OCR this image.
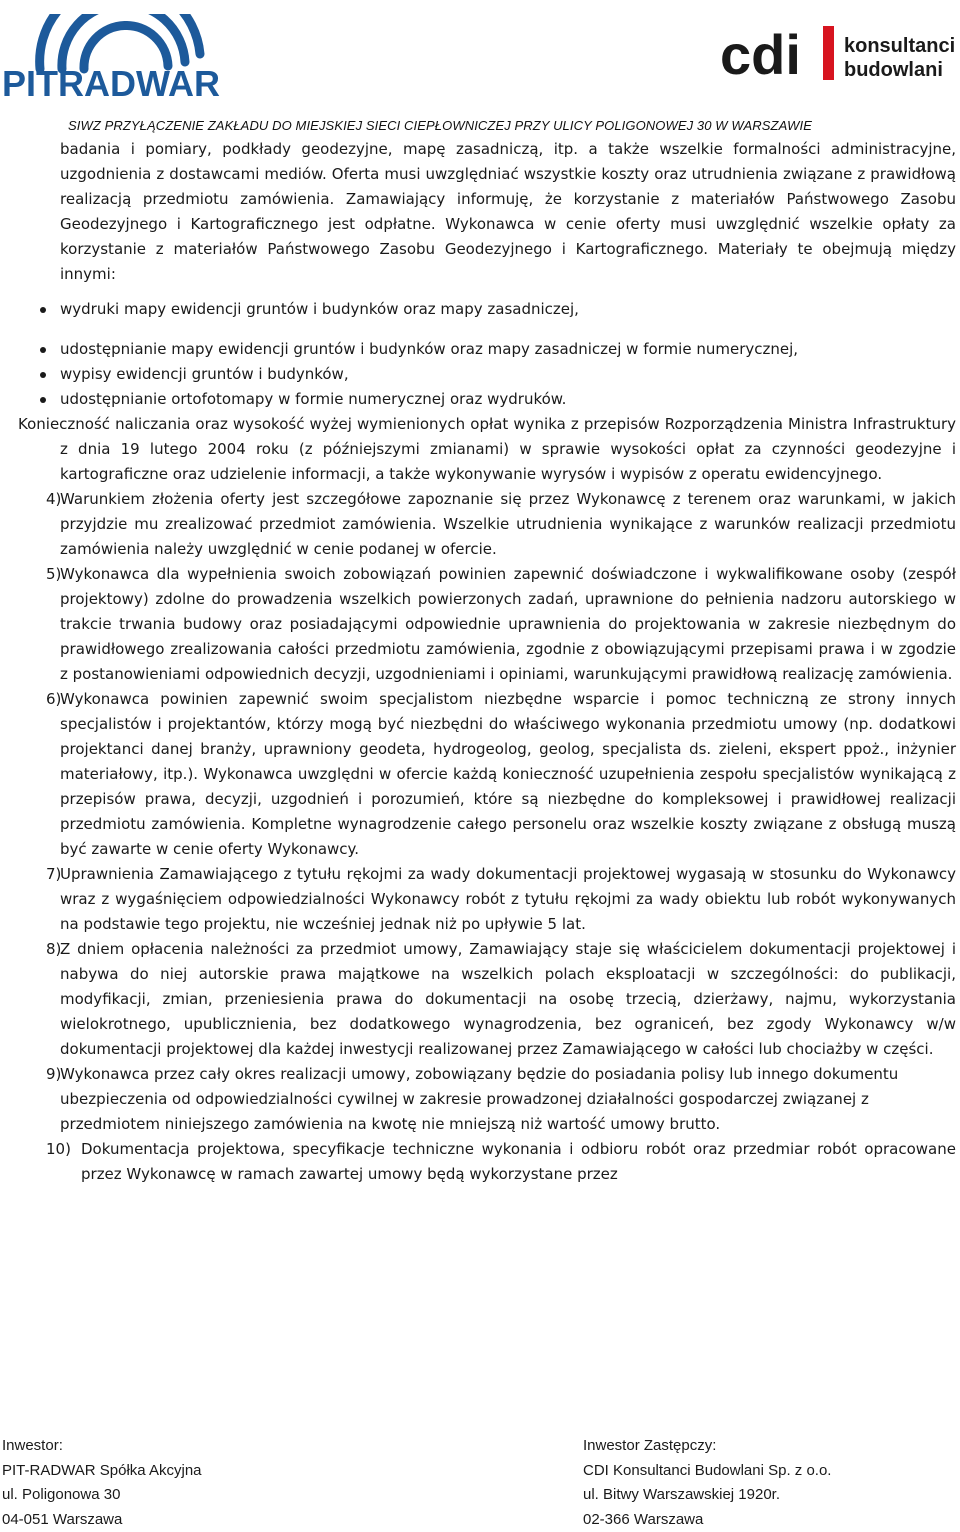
PITRADWAR	cdi konsultanci
budowlani
SIWZ PRZYŁĄCZENIE ZAKŁADU DO MIEJSKIEJ SIECI CIEPŁOWNICZEJ PRZY ULICY POLIGONOWEJ 30 W WARSZAWIE
badania i pomiary, podkłady geodezyjne, mapę zasadniczą, itp. a także wszelkie formalności administracyjne, uzgodnienia z dostawcami mediów. Oferta musi uwzględniać wszystkie koszty oraz utrudnienia związane z prawidłową realizacją przedmiotu zamówienia. Zamawiający informuję, że korzystanie z materiałów Państwowego Zasobu Geodezyjnego i Kartograficznego jest odpłatne. Wykonawca w cenie oferty musi uwzględnić wszelkie opłaty za korzystanie z materiałów Państwowego Zasobu Geodezyjnego i Kartograficznego. Materiały te obejmują między innymi:
wydruki mapy ewidencji gruntów i budynków oraz mapy zasadniczej,
udostępnianie mapy ewidencji gruntów i budynków oraz mapy zasadniczej w formie numerycznej,
wypisy ewidencji gruntów i budynków,
udostępnianie ortofotomapy w formie numerycznej oraz wydruków.
Konieczność naliczania oraz wysokość wyżej wymienionych opłat wynika z przepisów Rozporządzenia Ministra Infrastruktury z dnia 19 lutego 2004 roku (z późniejszymi zmianami) w sprawie wysokości opłat za czynności geodezyjne i kartograficzne oraz udzielenie informacji, a także wykonywanie wyrysów i wypisów z operatu ewidencyjnego.
4)
Warunkiem złożenia oferty jest szczegółowe zapoznanie się przez Wykonawcę z terenem oraz warunkami, w jakich przyjdzie mu zrealizować przedmiot zamówienia. Wszelkie utrudnienia wynikające z warunków realizacji przedmiotu zamówienia należy uwzględnić w cenie podanej w ofercie.
5)
Wykonawca dla wypełnienia swoich zobowiązań powinien zapewnić doświadczone i wykwalifikowane osoby (zespół projektowy) zdolne do prowadzenia wszelkich powierzonych zadań, uprawnione do pełnienia nadzoru autorskiego w trakcie trwania budowy oraz posiadającymi odpowiednie uprawnienia do projektowania w zakresie niezbędnym do prawidłowego zrealizowania całości przedmiotu zamówienia, zgodnie z obowiązującymi przepisami prawa i w zgodzie z postanowieniami odpowiednich decyzji, uzgodnieniami i opiniami, warunkującymi prawidłową realizację zamówienia.
6)
Wykonawca powinien zapewnić swoim specjalistom niezbędne wsparcie i pomoc techniczną ze strony innych specjalistów i projektantów, którzy mogą być niezbędni do właściwego wykonania przedmiotu umowy (np. dodatkowi projektanci danej branży, uprawniony geodeta, hydrogeolog, geolog, specjalista ds. zieleni, ekspert ppoż., inżynier materiałowy, itp.). Wykonawca uwzględni w ofercie każdą konieczność uzupełnienia zespołu specjalistów wynikającą z przepisów prawa, decyzji, uzgodnień i porozumień, które są niezbędne do kompleksowej i prawidłowej realizacji przedmiotu zamówienia. Kompletne wynagrodzenie całego personelu oraz wszelkie koszty związane z obsługą muszą być zawarte w cenie oferty Wykonawcy.
7)
Uprawnienia Zamawiającego z tytułu rękojmi za wady dokumentacji projektowej wygasają w stosunku do Wykonawcy wraz z wygaśnięciem odpowiedzialności Wykonawcy robót z tytułu rękojmi za wady obiektu lub robót wykonywanych na podstawie tego projektu, nie wcześniej jednak niż po upływie 5 lat.
8)
Z dniem opłacenia należności za przedmiot umowy, Zamawiający staje się właścicielem dokumentacji projektowej i nabywa do niej autorskie prawa majątkowe na wszelkich polach eksploatacji w szczególności: do publikacji, modyfikacji, zmian, przeniesienia prawa do dokumentacji na osobę trzecią, dzierżawy, najmu, wykorzystania wielokrotnego, upublicznienia, bez dodatkowego wynagrodzenia, bez ograniceń, bez zgody Wykonawcy w/w dokumentacji projektowej dla każdej inwestycji realizowanej przez Zamawiającego w całości lub chociażby w części.
9)
Wykonawca przez cały okres realizacji umowy, zobowiązany będzie do posiadania polisy lub innego dokumentu ubezpieczenia od odpowiedzialności cywilnej w zakresie prowadzonej działalności gospodarczej związanej z przedmiotem niniejszego zamówienia na kwotę nie mniejszą niż wartość umowy brutto.
10) Dokumentacja projektowa, specyfikacje techniczne wykonania i odbioru robót oraz przedmiar robót opracowane przez Wykonawcę w ramach zawartej umowy będą wykorzystane przez
Inwestor:
PIT-RADWAR Spółka Akcyjna
ul. Poligonowa 30
04-051 Warszawa
Inwestor Zastępczy:
CDI Konsultanci Budowlani Sp. z o.o.
ul. Bitwy Warszawskiej 1920r.
02-366 Warszawa
